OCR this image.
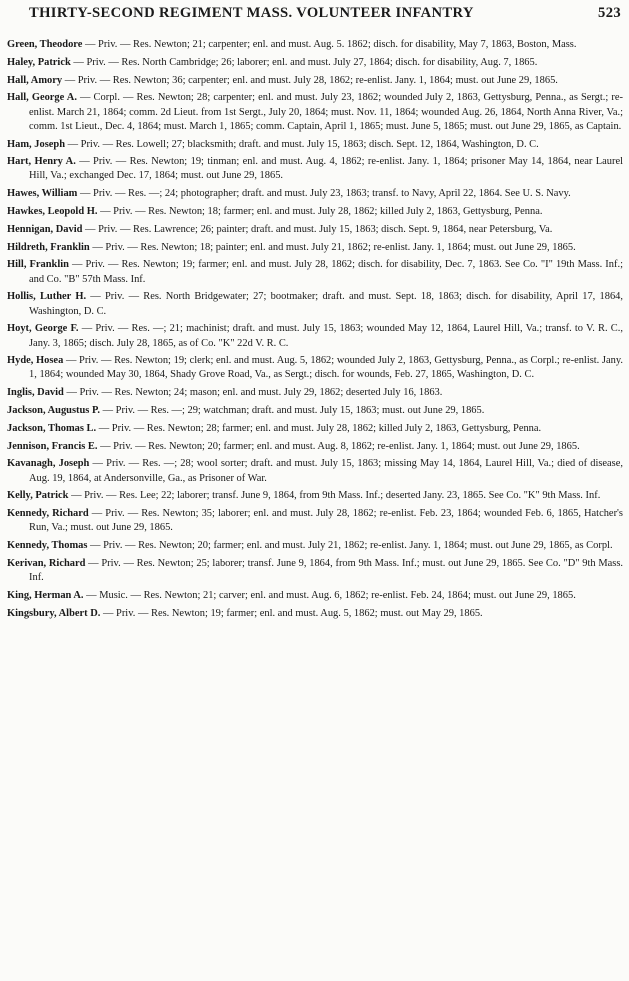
THIRTY-SECOND REGIMENT MASS. VOLUNTEER INFANTRY	523

Green, Theodore — Priv. — Res. Newton; 21; carpenter; enl. and must. Aug. 5. 1862; disch. for disability, May 7, 1863, Boston, Mass.

Haley, Patrick — Priv. — Res. North Cambridge; 26; laborer; enl. and must. July 27, 1864; disch. for disability, Aug. 7, 1865.

Hall, Amory — Priv. — Res. Newton; 36; carpenter; enl. and must. July 28, 1862; re-enlist. Jany. 1, 1864; must. out June 29, 1865.

Hall, George A. — Corpl. — Res. Newton; 28; carpenter; enl. and must. July 23, 1862; wounded July 2, 1863, Gettysburg, Penna., as Sergt.; re-enlist. March 21, 1864; comm. 2d Lieut. from 1st Sergt., July 20, 1864; must. Nov. 11, 1864; wounded Aug. 26, 1864, North Anna River, Va.; comm. 1st Lieut., Dec. 4, 1864; must. March 1, 1865; comm. Captain, April 1, 1865; must. June 5, 1865; must. out June 29, 1865, as Captain.

Ham, Joseph — Priv. — Res. Lowell; 27; blacksmith; draft. and must. July 15, 1863; disch. Sept. 12, 1864, Washington, D. C.

Hart, Henry A. — Priv. — Res. Newton; 19; tinman; enl. and must. Aug. 4, 1862; re-enlist. Jany. 1, 1864; prisoner May 14, 1864, near Laurel Hill, Va.; exchanged Dec. 17, 1864; must. out June 29, 1865.

Hawes, William — Priv. — Res. —; 24; photographer; draft. and must. July 23, 1863; transf. to Navy, April 22, 1864. See U. S. Navy.

Hawkes, Leopold H. — Priv. — Res. Newton; 18; farmer; enl. and must. July 28, 1862; killed July 2, 1863, Gettysburg, Penna.

Hennigan, David — Priv. — Res. Lawrence; 26; painter; draft. and must. July 15, 1863; disch. Sept. 9, 1864, near Petersburg, Va.

Hildreth, Franklin — Priv. — Res. Newton; 18; painter; enl. and must. July 21, 1862; re-enlist. Jany. 1, 1864; must. out June 29, 1865.

Hill, Franklin — Priv. — Res. Newton; 19; farmer; enl. and must. July 28, 1862; disch. for disability, Dec. 7, 1863. See Co. "I" 19th Mass. Inf.; and Co. "B" 57th Mass. Inf.

Hollis, Luther H. — Priv. — Res. North Bridgewater; 27; bootmaker; draft. and must. Sept. 18, 1863; disch. for disability, April 17, 1864, Washington, D. C.

Hoyt, George F. — Priv. — Res. —; 21; machinist; draft. and must. July 15, 1863; wounded May 12, 1864, Laurel Hill, Va.; transf. to V. R. C., Jany. 3, 1865; disch. July 28, 1865, as of Co. "K" 22d V. R. C.

Hyde, Hosea — Priv. — Res. Newton; 19; clerk; enl. and must. Aug. 5, 1862; wounded July 2, 1863, Gettysburg, Penna., as Corpl.; re-enlist. Jany. 1, 1864; wounded May 30, 1864, Shady Grove Road, Va., as Sergt.; disch. for wounds, Feb. 27, 1865, Washington, D. C.

Inglis, David — Priv. — Res. Newton; 24; mason; enl. and must. July 29, 1862; deserted July 16, 1863.

Jackson, Augustus P. — Priv. — Res. —; 29; watchman; draft. and must. July 15, 1863; must. out June 29, 1865.

Jackson, Thomas L. — Priv. — Res. Newton; 28; farmer; enl. and must. July 28, 1862; killed July 2, 1863, Gettysburg, Penna.

Jennison, Francis E. — Priv. — Res. Newton; 20; farmer; enl. and must. Aug. 8, 1862; re-enlist. Jany. 1, 1864; must. out June 29, 1865.

Kavanagh, Joseph — Priv. — Res. —; 28; wool sorter; draft. and must. July 15, 1863; missing May 14, 1864, Laurel Hill, Va.; died of disease, Aug. 19, 1864, at Andersonville, Ga., as Prisoner of War.

Kelly, Patrick — Priv. — Res. Lee; 22; laborer; transf. June 9, 1864, from 9th Mass. Inf.; deserted Jany. 23, 1865. See Co. "K" 9th Mass. Inf.

Kennedy, Richard — Priv. — Res. Newton; 35; laborer; enl. and must. July 28, 1862; re-enlist. Feb. 23, 1864; wounded Feb. 6, 1865, Hatcher's Run, Va.; must. out June 29, 1865.

Kennedy, Thomas — Priv. — Res. Newton; 20; farmer; enl. and must. July 21, 1862; re-enlist. Jany. 1, 1864; must. out June 29, 1865, as Corpl.

Kerivan, Richard — Priv. — Res. Newton; 25; laborer; transf. June 9, 1864, from 9th Mass. Inf.; must. out June 29, 1865. See Co. "D" 9th Mass. Inf.

King, Herman A. — Music. — Res. Newton; 21; carver; enl. and must. Aug. 6, 1862; re-enlist. Feb. 24, 1864; must. out June 29, 1865.

Kingsbury, Albert D. — Priv. — Res. Newton; 19; farmer; enl. and must. Aug. 5, 1862; must. out May 29, 1865.
